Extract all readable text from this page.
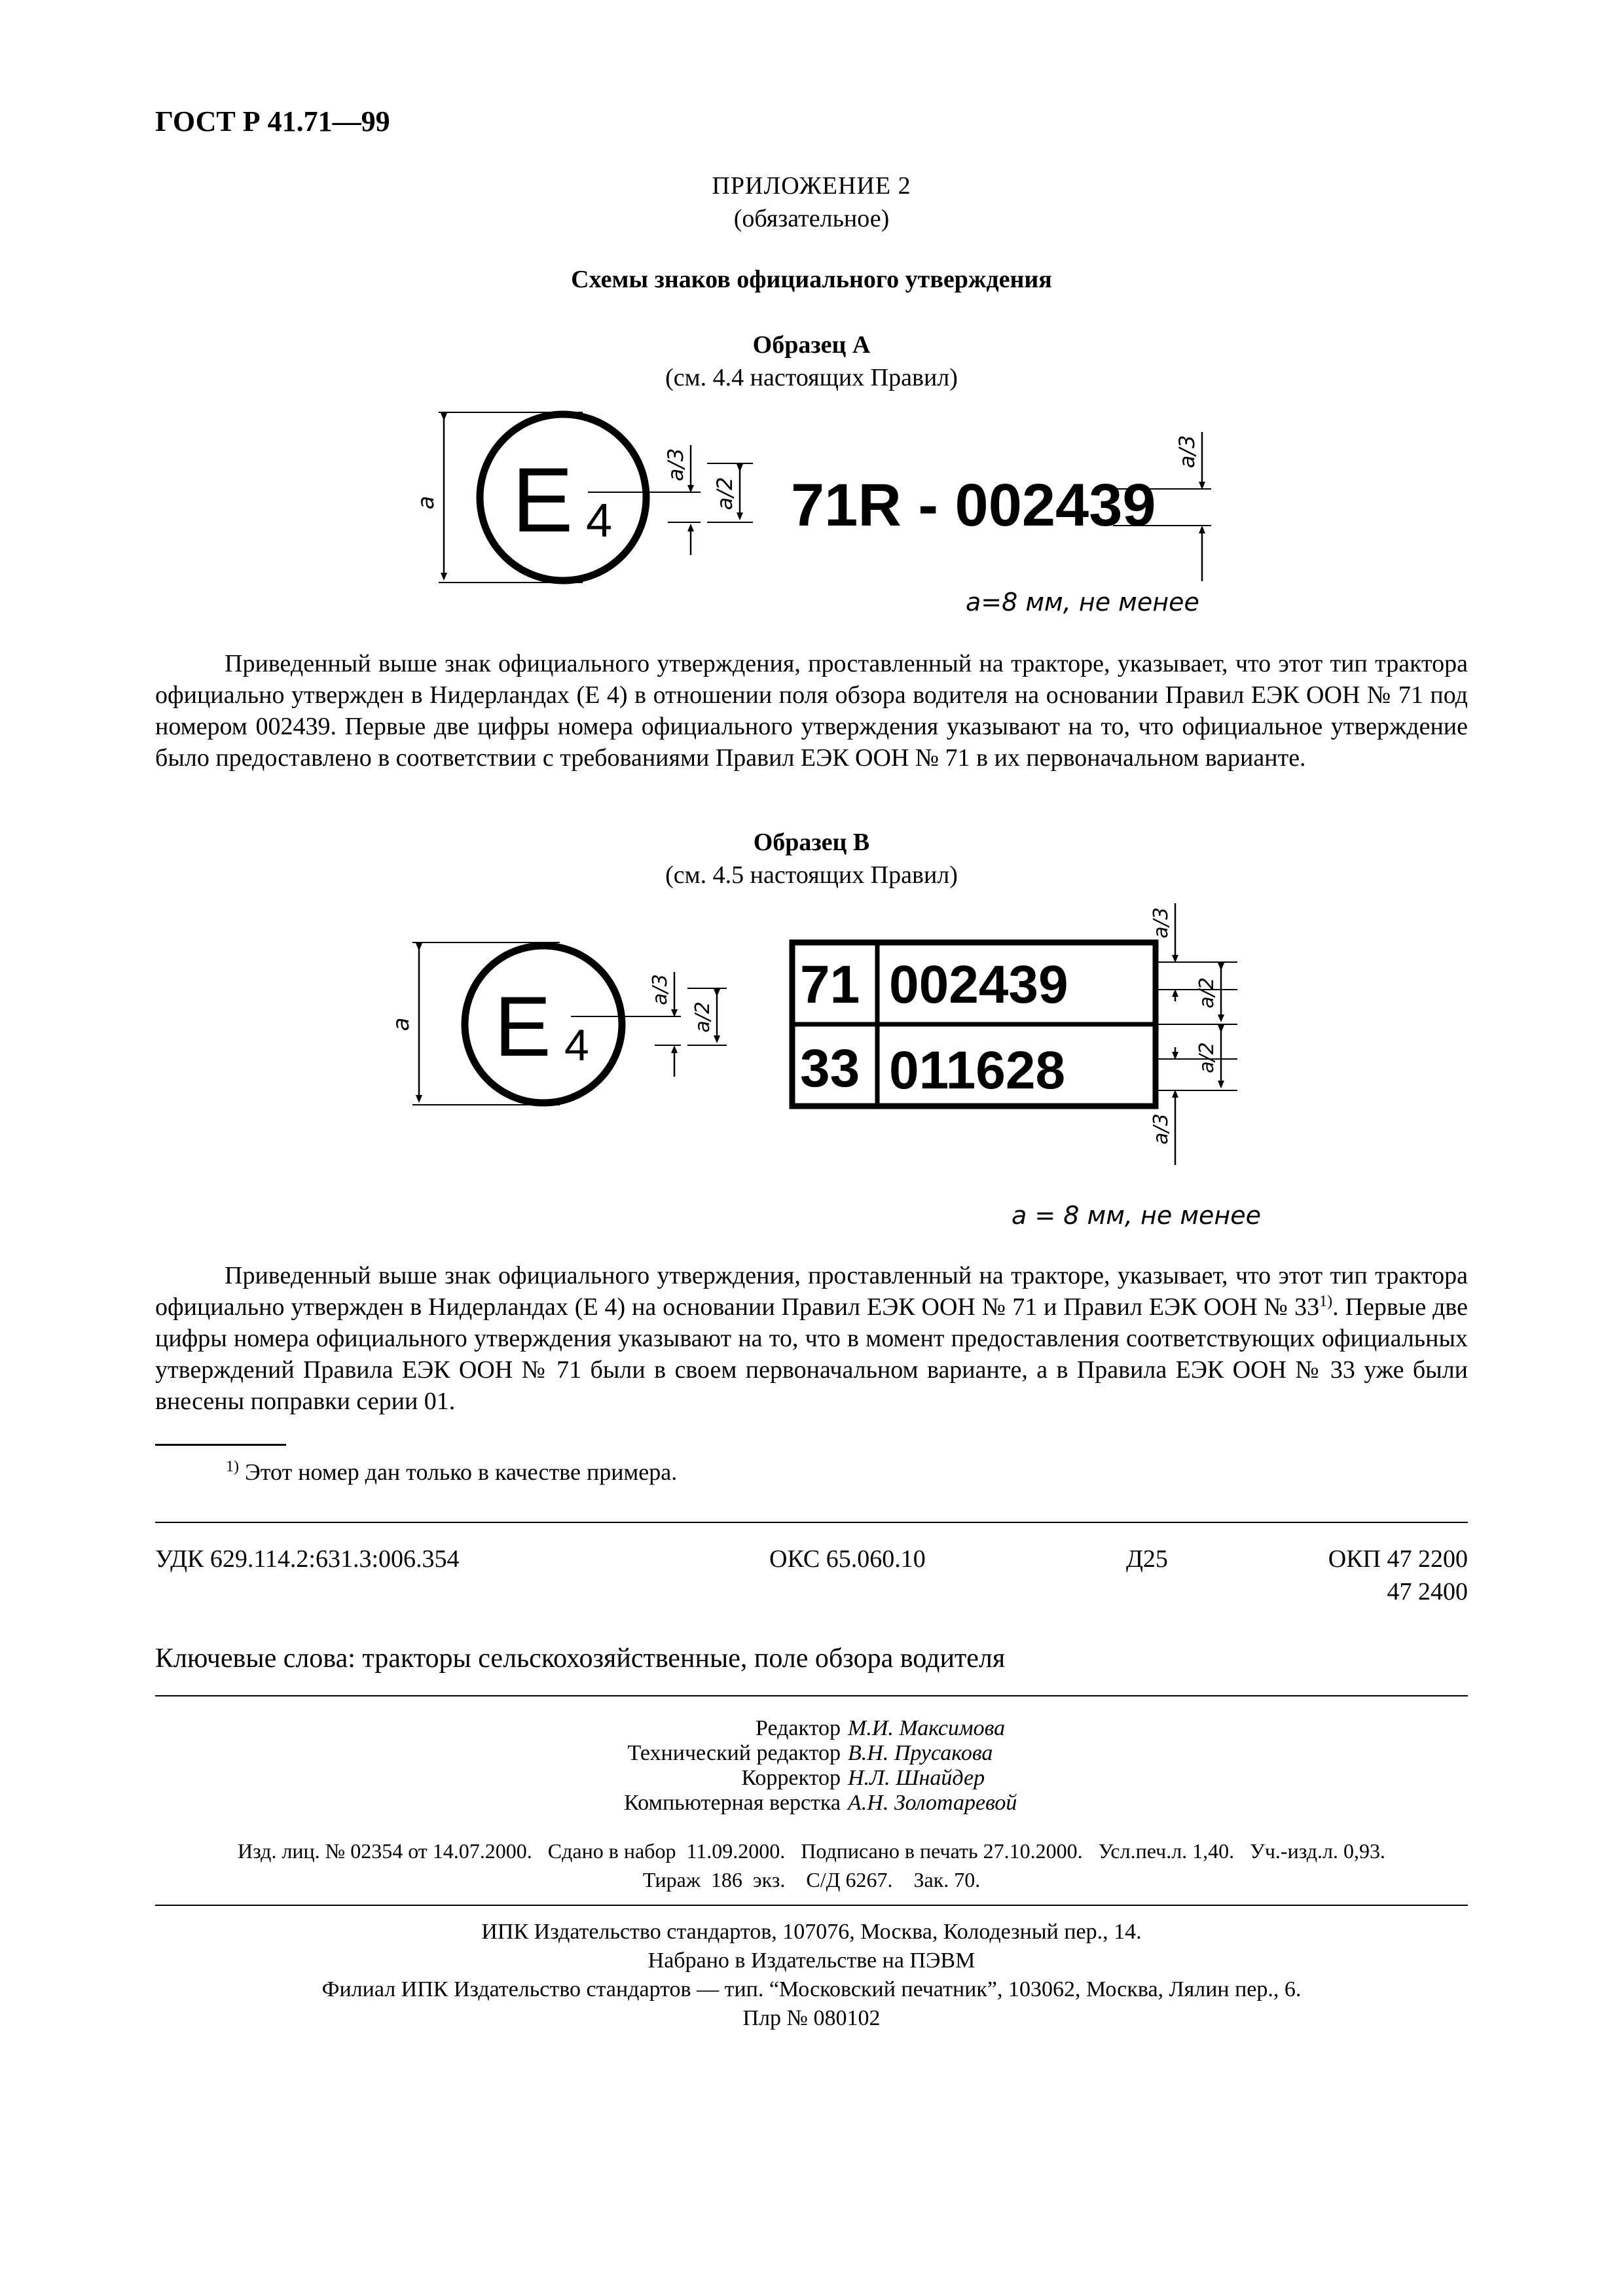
ГОСТ Р 41.71—99
ПРИЛОЖЕНИЕ 2
(обязательное)
Схемы знаков официального утверждения
Образец А
(см. 4.4 настоящих Правил)
a E 4
a/3
a/2 71R - 002439
a/3
a=8 мм, не менее
Приведенный выше знак официального утверждения, проставленный на тракторе, указывает, что этот тип трактора официально утвержден в Нидерландах (Е 4) в отношении поля обзора водителя на основании Правил ЕЭК ООН № 71 под номером 002439. Первые две цифры номера официального утверждения указывают на то, что официальное утверждение было предоставлено в соответствии с требованиями Правил ЕЭК ООН № 71 в их первоначальном варианте.
Образец В
(см. 4.5 настоящих Правил)
a E 4
a/3
a/2
71 002439
33 011628
a/3
a/3
a/2
a/2
a = 8 мм, не менее
Приведенный выше знак официального утверждения, проставленный на тракторе, указывает, что этот тип трактора официально утвержден в Нидерландах (Е 4) на основании Правил ЕЭК ООН № 71 и Правил ЕЭК ООН № 33$^{1)}$. Первые две цифры номера официального утверждения указывают на то, что в момент предоставления соответствующих официальных утверждений Правила ЕЭК ООН № 71 были в своем первоначальном варианте, а в Правила ЕЭК ООН № 33 уже были внесены поправки серии 01.
$^{1)}$ Этот номер дан только в качестве примера.
УДК 629.114.2:631.3:006.354	ОКС 65.060.10	Д25	ОКП 47 2200
47 2400
Ключевые слова: тракторы сельскохозяйственные, поле обзора водителя
Редактор М.И. Максимова
Технический редактор В.Н. Прусакова
Корректор Н.Л. Шнайдер
Компьютерная верстка А.Н. Золотаревой
Изд. лиц. № 02354 от 14.07.2000.   Сдано в набор  11.09.2000.   Подписано в печать 27.10.2000.   Усл.печ.л. 1,40.   Уч.-изд.л. 0,93.
Тираж  186  экз.    С/Д 6267.    Зак. 70.
ИПК Издательство стандартов, 107076, Москва, Колодезный пер., 14.
Набрано в Издательстве на ПЭВМ
Филиал ИПК Издательство стандартов — тип. “Московский печатник”, 103062, Москва, Лялин пер., 6.
Плр № 080102
